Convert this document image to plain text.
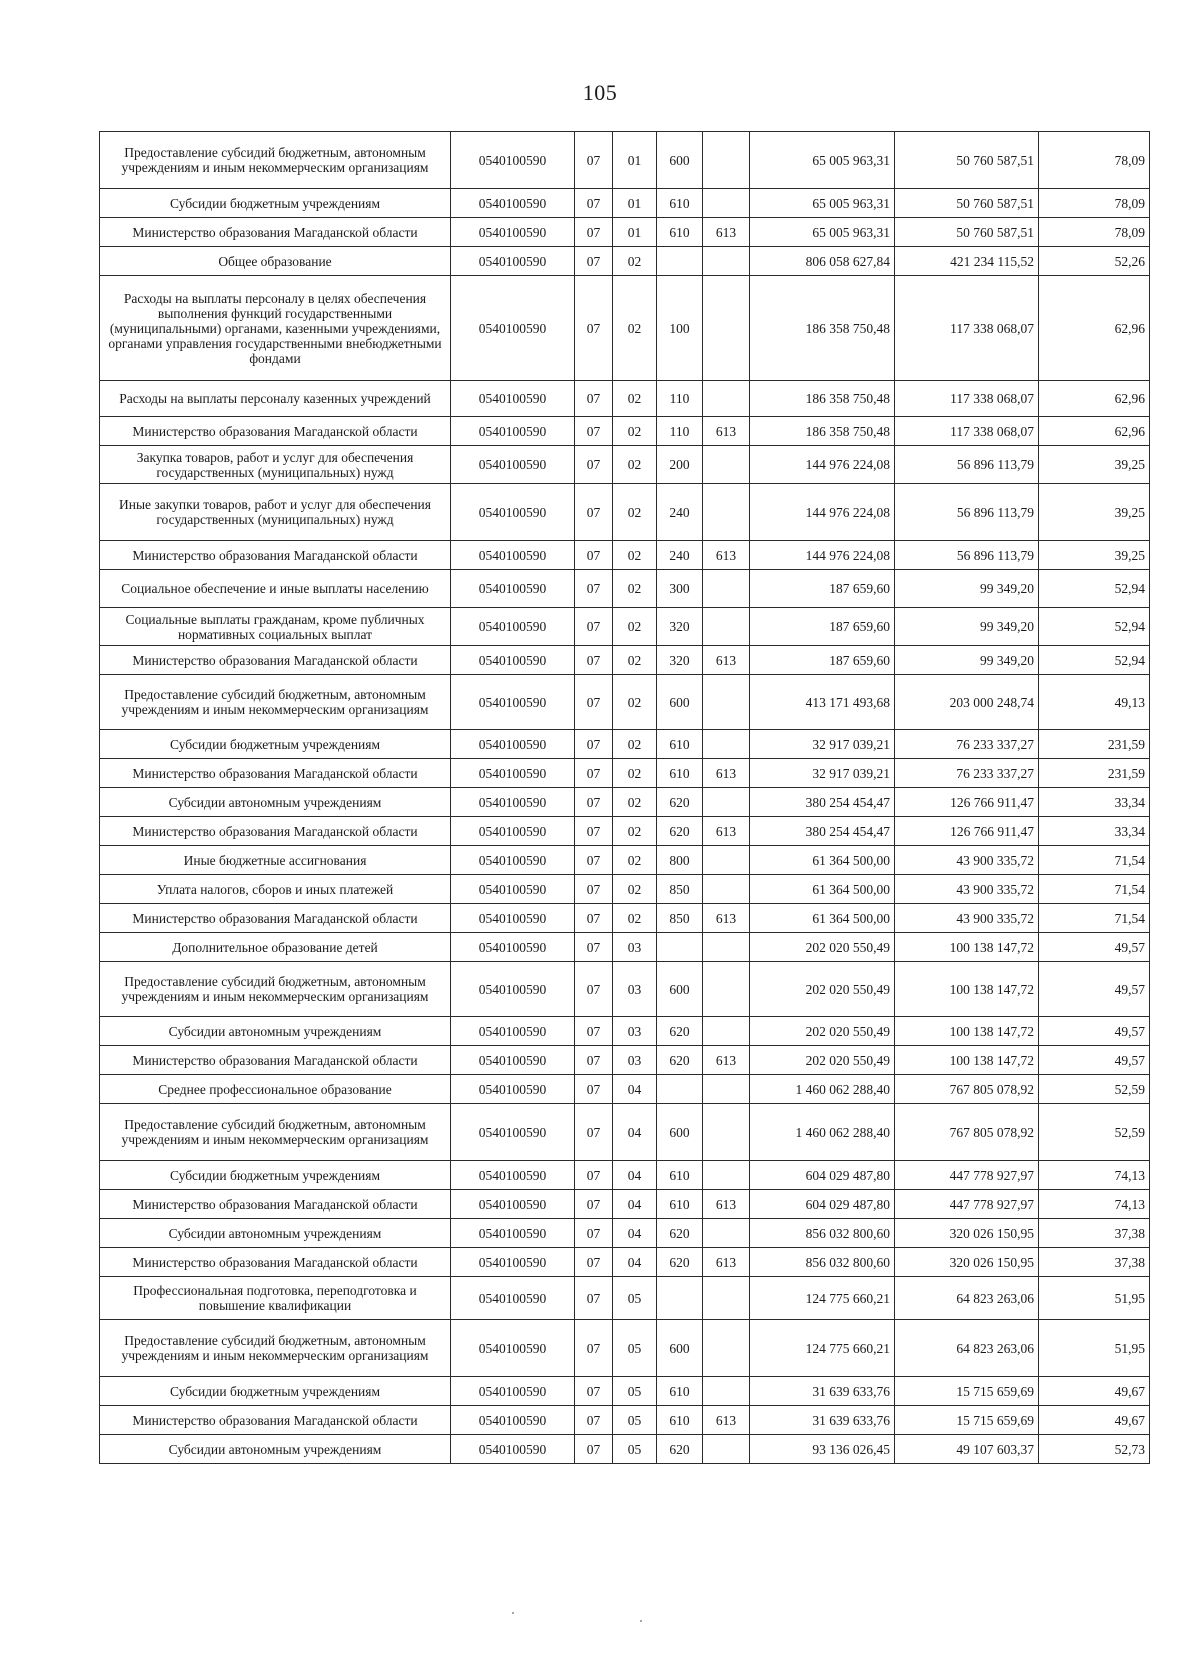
105
Предоставление субсидий бюджетным, автономным учреждениям и иным некоммерческим организациям	0540100590	07	01	600		65 005 963,31	50 760 587,51	78,09
Субсидии бюджетным учреждениям	0540100590	07	01	610		65 005 963,31	50 760 587,51	78,09
Министерство образования Магаданской области	0540100590	07	01	610	613	65 005 963,31	50 760 587,51	78,09
Общее образование	0540100590	07	02			806 058 627,84	421 234 115,52	52,26
Расходы на выплаты персоналу в целях обеспечения выполнения функций государственными (муниципальными) органами, казенными учреждениями, органами управления государственными внебюджетными фондами	0540100590	07	02	100		186 358 750,48	117 338 068,07	62,96
Расходы на выплаты персоналу казенных учреждений	0540100590	07	02	110		186 358 750,48	117 338 068,07	62,96
Министерство образования Магаданской области	0540100590	07	02	110	613	186 358 750,48	117 338 068,07	62,96
Закупка товаров, работ и услуг для обеспечения государственных (муниципальных) нужд	0540100590	07	02	200		144 976 224,08	56 896 113,79	39,25
Иные закупки товаров, работ и услуг для обеспечения государственных (муниципальных) нужд	0540100590	07	02	240		144 976 224,08	56 896 113,79	39,25
Министерство образования Магаданской области	0540100590	07	02	240	613	144 976 224,08	56 896 113,79	39,25
Социальное обеспечение и иные выплаты населению	0540100590	07	02	300		187 659,60	99 349,20	52,94
Социальные выплаты гражданам, кроме публичных нормативных социальных выплат	0540100590	07	02	320		187 659,60	99 349,20	52,94
Министерство образования Магаданской области	0540100590	07	02	320	613	187 659,60	99 349,20	52,94
Предоставление субсидий бюджетным, автономным учреждениям и иным некоммерческим организациям	0540100590	07	02	600		413 171 493,68	203 000 248,74	49,13
Субсидии бюджетным учреждениям	0540100590	07	02	610		32 917 039,21	76 233 337,27	231,59
Министерство образования Магаданской области	0540100590	07	02	610	613	32 917 039,21	76 233 337,27	231,59
Субсидии автономным учреждениям	0540100590	07	02	620		380 254 454,47	126 766 911,47	33,34
Министерство образования Магаданской области	0540100590	07	02	620	613	380 254 454,47	126 766 911,47	33,34
Иные бюджетные ассигнования	0540100590	07	02	800		61 364 500,00	43 900 335,72	71,54
Уплата налогов, сборов и иных платежей	0540100590	07	02	850		61 364 500,00	43 900 335,72	71,54
Министерство образования Магаданской области	0540100590	07	02	850	613	61 364 500,00	43 900 335,72	71,54
Дополнительное образование детей	0540100590	07	03			202 020 550,49	100 138 147,72	49,57
Предоставление субсидий бюджетным, автономным учреждениям и иным некоммерческим организациям	0540100590	07	03	600		202 020 550,49	100 138 147,72	49,57
Субсидии автономным учреждениям	0540100590	07	03	620		202 020 550,49	100 138 147,72	49,57
Министерство образования Магаданской области	0540100590	07	03	620	613	202 020 550,49	100 138 147,72	49,57
Среднее профессиональное образование	0540100590	07	04			1 460 062 288,40	767 805 078,92	52,59
Предоставление субсидий бюджетным, автономным учреждениям и иным некоммерческим организациям	0540100590	07	04	600		1 460 062 288,40	767 805 078,92	52,59
Субсидии бюджетным учреждениям	0540100590	07	04	610		604 029 487,80	447 778 927,97	74,13
Министерство образования Магаданской области	0540100590	07	04	610	613	604 029 487,80	447 778 927,97	74,13
Субсидии автономным учреждениям	0540100590	07	04	620		856 032 800,60	320 026 150,95	37,38
Министерство образования Магаданской области	0540100590	07	04	620	613	856 032 800,60	320 026 150,95	37,38
Профессиональная подготовка, переподготовка и повышение квалификации	0540100590	07	05			124 775 660,21	64 823 263,06	51,95
Предоставление субсидий бюджетным, автономным учреждениям и иным некоммерческим организациям	0540100590	07	05	600		124 775 660,21	64 823 263,06	51,95
Субсидии бюджетным учреждениям	0540100590	07	05	610		31 639 633,76	15 715 659,69	49,67
Министерство образования Магаданской области	0540100590	07	05	610	613	31 639 633,76	15 715 659,69	49,67
Субсидии автономным учреждениям	0540100590	07	05	620		93 136 026,45	49 107 603,37	52,73
